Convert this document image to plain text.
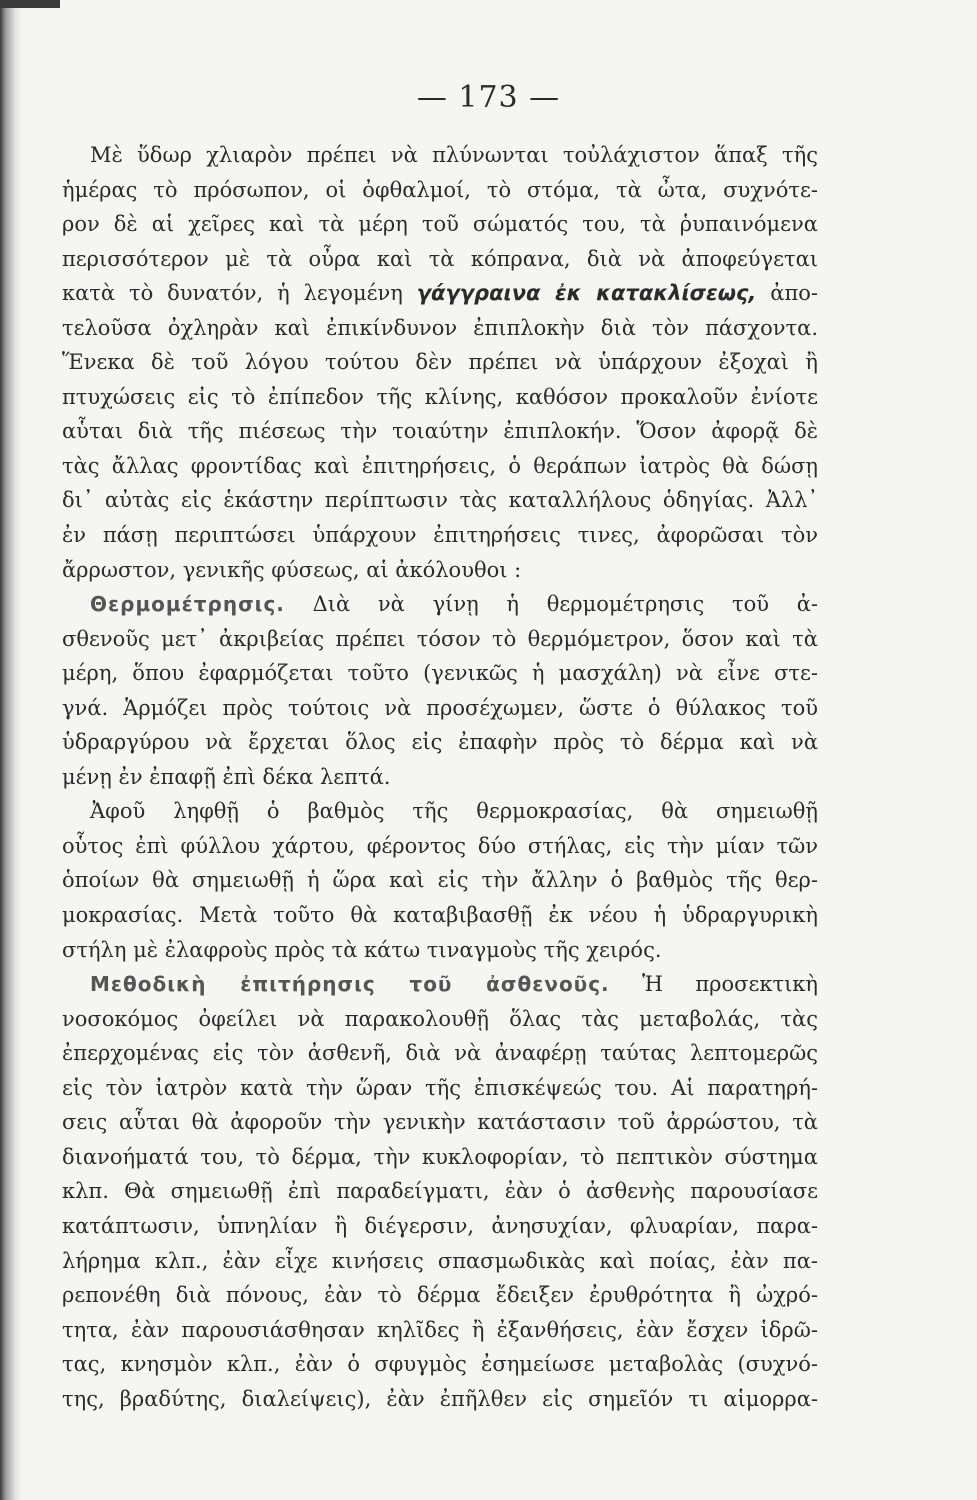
— 173 —
Μὲ ὕδωρ χλιαρὸν πρέπει νὰ πλύνωνται τοὐλάχιστον ἅπαξ τῆς
ἡμέρας τὸ πρόσωπον, οἱ ὀφθαλμοί, τὸ στόμα, τὰ ὦτα, συχνότε-
ρον δὲ αἱ χεῖρες καὶ τὰ μέρη τοῦ σώματός του, τὰ ῥυπαινόμενα
περισσότερον μὲ τὰ οὖρα καὶ τὰ κόπρανα, διὰ νὰ ἀποφεύγεται
κατὰ τὸ δυνατόν, ἡ λεγομένη γάγγραινα ἐκ κατακλίσεως, ἀπο-
τελοῦσα ὀχληρὰν καὶ ἐπικίνδυνον ἐπιπλοκὴν διὰ τὸν πάσχοντα.
Ἕνεκα δὲ τοῦ λόγου τούτου δὲν πρέπει νὰ ὑπάρχουν ἐξοχαὶ ἢ
πτυχώσεις εἰς τὸ ἐπίπεδον τῆς κλίνης, καθόσον προκαλοῦν ἐνίοτε
αὗται διὰ τῆς πιέσεως τὴν τοιαύτην ἐπιπλοκήν. Ὅσον ἀφορᾷ δὲ
τὰς ἄλλας φροντίδας καὶ ἐπιτηρήσεις, ὁ θεράπων ἰατρὸς θὰ δώσῃ
δι᾽ αὐτὰς εἰς ἑκάστην περίπτωσιν τὰς καταλλήλους ὁδηγίας. Ἀλλ᾽
ἐν πάσῃ περιπτώσει ὑπάρχουν ἐπιτηρήσεις τινες, ἀφορῶσαι τὸν
ἄρρωστον, γενικῆς φύσεως, αἱ ἀκόλουθοι :
Θερμομέτρησις. Διὰ νὰ γίνῃ ἡ θερμομέτρησις τοῦ ἀ-
σθενοῦς μετ᾽ ἀκριβείας πρέπει τόσον τὸ θερμόμετρον, ὅσον καὶ τὰ
μέρη, ὅπου ἐφαρμόζεται τοῦτο (γενικῶς ἡ μασχάλη) νὰ εἶνε στε-
γνά. Ἁρμόζει πρὸς τούτοις νὰ προσέχωμεν, ὥστε ὁ θύλακος τοῦ
ὑδραργύρου νὰ ἔρχεται ὅλος εἰς ἐπαφὴν πρὸς τὸ δέρμα καὶ νὰ
μένῃ ἐν ἐπαφῇ ἐπὶ δέκα λεπτά.
Ἀφοῦ ληφθῇ ὁ βαθμὸς τῆς θερμοκρασίας, θὰ σημειωθῇ
οὗτος ἐπὶ φύλλου χάρτου, φέροντος δύο στήλας, εἰς τὴν μίαν τῶν
ὁποίων θὰ σημειωθῇ ἡ ὥρα καὶ εἰς τὴν ἄλλην ὁ βαθμὸς τῆς θερ-
μοκρασίας. Μετὰ τοῦτο θὰ καταβιβασθῇ ἐκ νέου ἡ ὑδραργυρικὴ
στήλη μὲ ἐλαφροὺς πρὸς τὰ κάτω τιναγμοὺς τῆς χειρός.
Μεθοδικὴ ἐπιτήρησις τοῦ ἀσθενοῦς. Ἡ προσεκτικὴ
νοσοκόμος ὀφείλει νὰ παρακολουθῇ ὅλας τὰς μεταβολάς, τὰς
ἐπερχομένας εἰς τὸν ἀσθενῆ, διὰ νὰ ἀναφέρῃ ταύτας λεπτομερῶς
εἰς τὸν ἰατρὸν κατὰ τὴν ὥραν τῆς ἐπισκέψεώς του. Αἱ παρατηρή-
σεις αὗται θὰ ἀφοροῦν τὴν γενικὴν κατάστασιν τοῦ ἀρρώστου, τὰ
διανοήματά του, τὸ δέρμα, τὴν κυκλοφορίαν, τὸ πεπτικὸν σύστημα
κλπ. Θὰ σημειωθῇ ἐπὶ παραδείγματι, ἐὰν ὁ ἀσθενὴς παρουσίασε
κατάπτωσιν, ὑπνηλίαν ἢ διέγερσιν, ἀνησυχίαν, φλυαρίαν, παρα-
λήρημα κλπ., ἐὰν εἶχε κινήσεις σπασμωδικὰς καὶ ποίας, ἐὰν πα-
ρεπονέθη διὰ πόνους, ἐὰν τὸ δέρμα ἔδειξεν ἐρυθρότητα ἢ ὠχρό-
τητα, ἐὰν παρουσιάσθησαν κηλῖδες ἢ ἐξανθήσεις, ἐὰν ἔσχεν ἱδρῶ-
τας, κνησμὸν κλπ., ἐὰν ὁ σφυγμὸς ἐσημείωσε μεταβολὰς (συχνό-
της, βραδύτης, διαλείψεις), ἐὰν ἐπῆλθεν εἰς σημεῖόν τι αἱμορρα-
